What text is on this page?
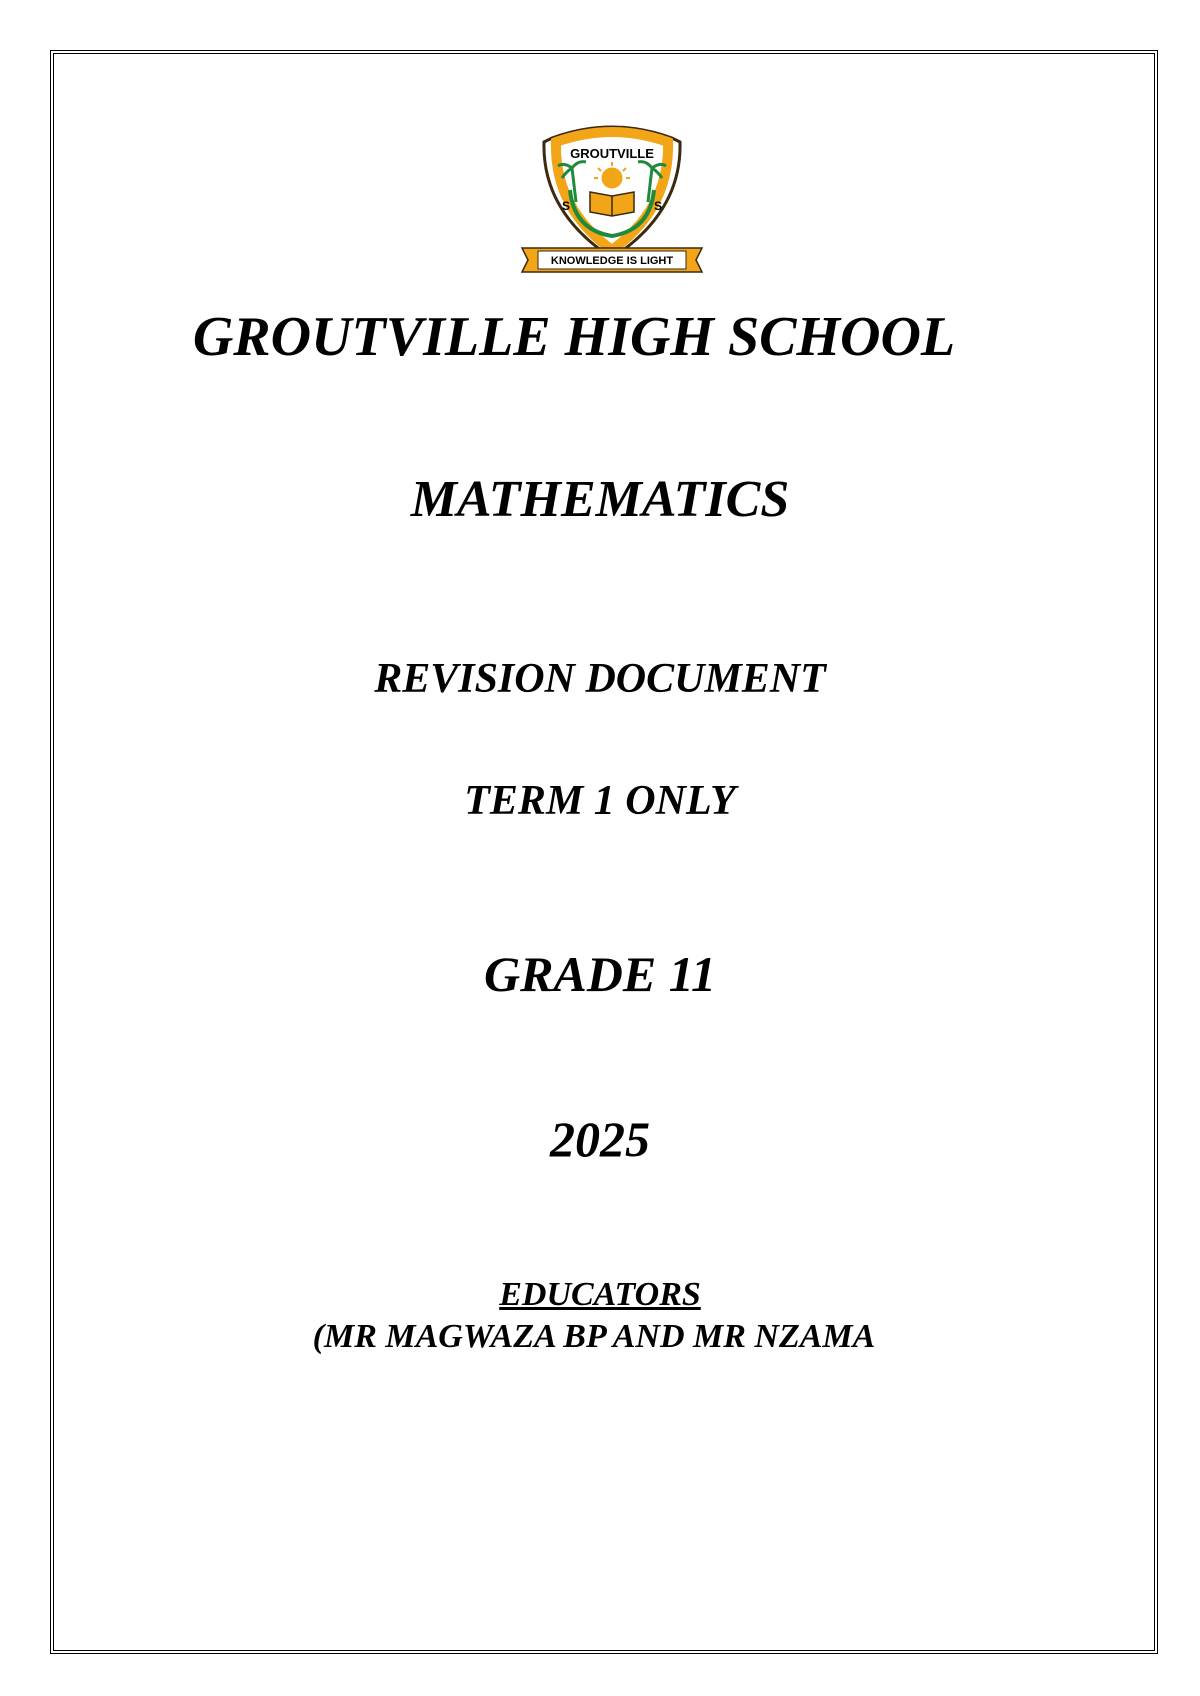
GROUTVILLE
S	S
KNOWLEDGE IS LIGHT
GROUTVILLE HIGH SCHOOL
MATHEMATICS
REVISION DOCUMENT
TERM 1 ONLY
GRADE 11
2025

EDUCATORS

(MR MAGWAZA BP AND MR NZAMA
